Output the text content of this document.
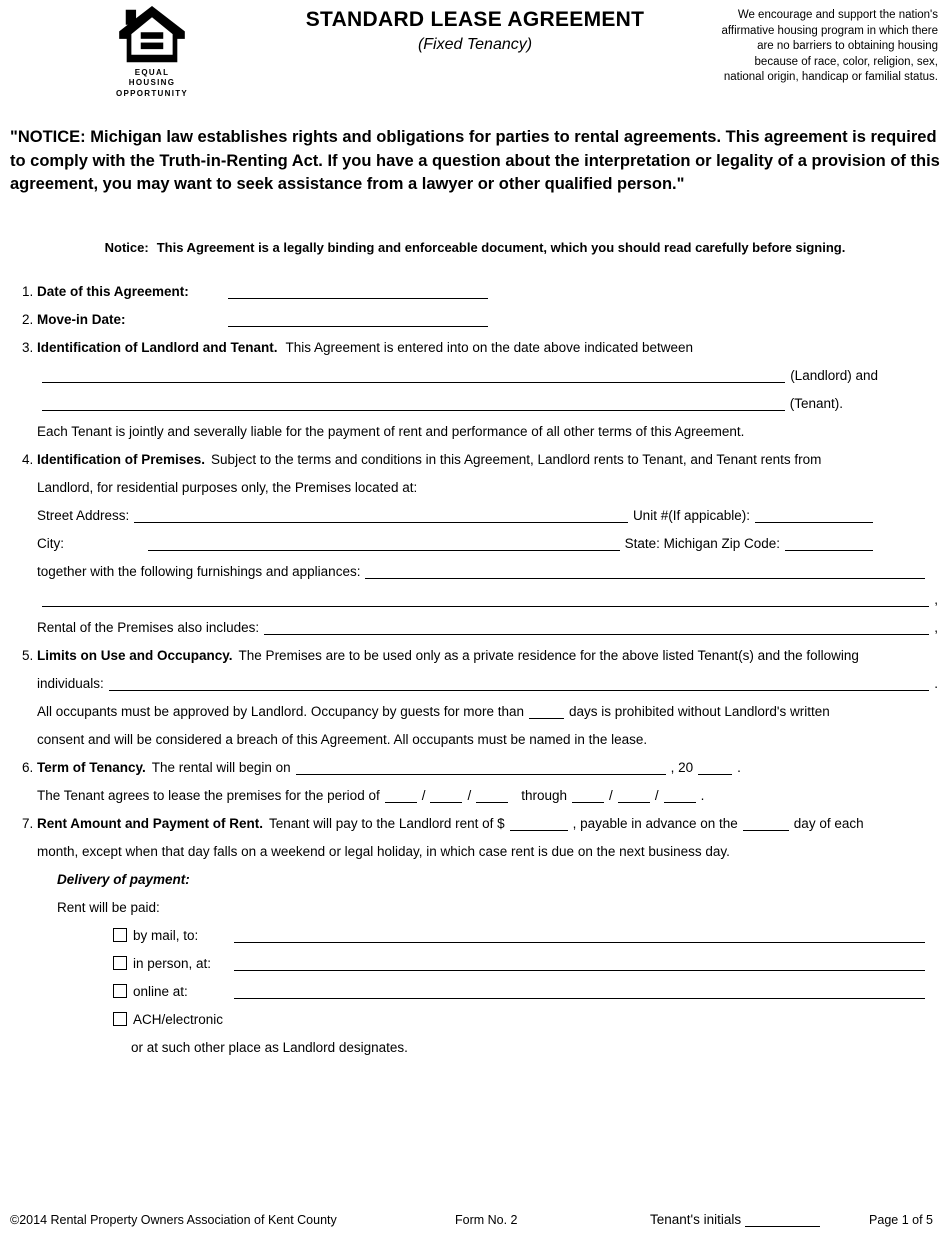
EQUAL HOUSING
OPPORTUNITY
STANDARD LEASE AGREEMENT
(Fixed Tenancy)
We encourage and support the nation's
affirmative housing program in which there
are no barriers to obtaining housing
because of race, color, religion, sex,
national origin, handicap or familial status.
"NOTICE: Michigan law establishes rights and obligations for parties to rental agreements. This agreement is required to comply with the Truth-in-Renting Act. If you have a question about the interpretation or legality of a provision of this agreement, you may want to seek assistance from a lawyer or other qualified person."
Notice: This Agreement is a legally binding and enforceable document, which you should read carefully before signing.
1. Date of this Agreement:
2. Move-in Date:
3. Identification of Landlord and Tenant. This Agreement is entered into on the date above indicated between
(Landlord) and
(Tenant).
Each Tenant is jointly and severally liable for the payment of rent and performance of all other terms of this Agreement.
4. Identification of Premises. Subject to the terms and conditions in this Agreement, Landlord rents to Tenant, and Tenant rents from
Landlord, for residential purposes only, the Premises located at:
Street Address:	Unit #(If appicable):
City:	State: Michigan Zip Code:
together with the following furnishings and appliances:
,
Rental of the Premises also includes:	,
5. Limits on Use and Occupancy. The Premises are to be used only as a private residence for the above listed Tenant(s) and the following
individuals:	.
All occupants must be approved by Landlord. Occupancy by guests for more than	days is prohibited without Landlord's written
consent and will be considered a breach of this Agreement. All occupants must be named in the lease.
6. Term of Tenancy. The rental will begin on	, 20	.
The Tenant agrees to lease the premises for the period of	/	/	through	/	/	.
7. Rent Amount and Payment of Rent. Tenant will pay to the Landlord rent of $	, payable in advance on the	day of each
month, except when that day falls on a weekend or legal holiday, in which case rent is due on the next business day.
Delivery of payment:
Rent will be paid:
by mail, to:
in person, at:
online at:
ACH/electronic
or at such other place as Landlord designates.
©2014 Rental Property Owners Association of Kent County	Form No. 2	Tenant's initials	Page 1 of 5
